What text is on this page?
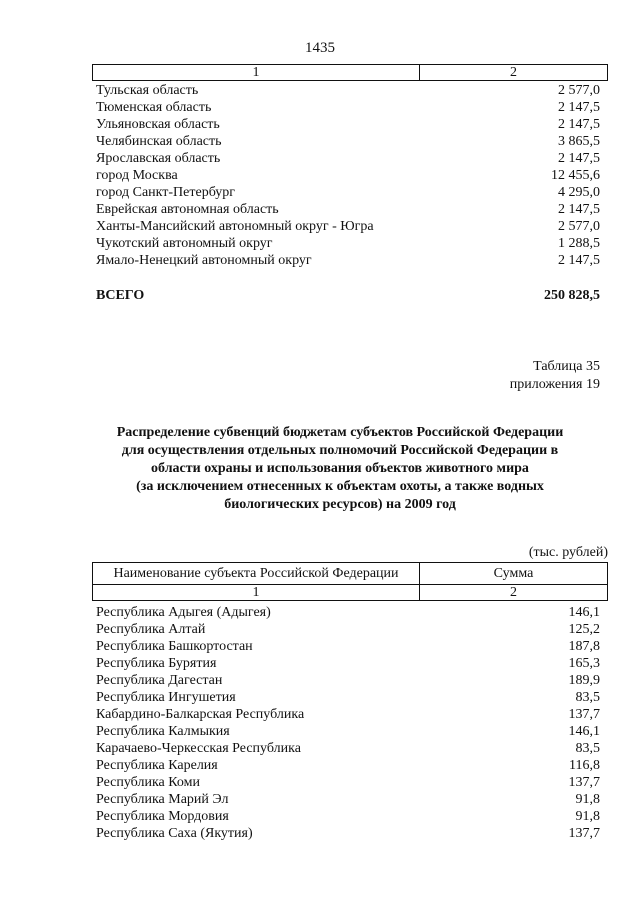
1435
1	2
Тульская область	2 577,0
Тюменская область	2 147,5
Ульяновская область	2 147,5
Челябинская область	3 865,5
Ярославская область	2 147,5
город Москва	12 455,6
город Санкт-Петербург	4 295,0
Еврейская автономная область	2 147,5
Ханты-Мансийский автономный округ - Югра	2 577,0
Чукотский автономный округ	1 288,5
Ямало-Ненецкий автономный округ	2 147,5
ВСЕГО	250 828,5
Таблица 35
приложения 19
Распределение субвенций бюджетам субъектов Российской Федерации
для осуществления отдельных полномочий Российской Федерации в
области охраны и использования объектов животного мира
(за исключением отнесенных к объектам охоты, а также водных
биологических ресурсов) на 2009 год
(тыс. рублей)
Наименование субъекта Российской Федерации	Сумма
1	2
Республика Адыгея (Адыгея)	146,1
Республика Алтай	125,2
Республика Башкортостан	187,8
Республика Бурятия	165,3
Республика Дагестан	189,9
Республика Ингушетия	83,5
Кабардино-Балкарская Республика	137,7
Республика Калмыкия	146,1
Карачаево-Черкесская Республика	83,5
Республика Карелия	116,8
Республика Коми	137,7
Республика Марий Эл	91,8
Республика Мордовия	91,8
Республика Саха (Якутия)	137,7
